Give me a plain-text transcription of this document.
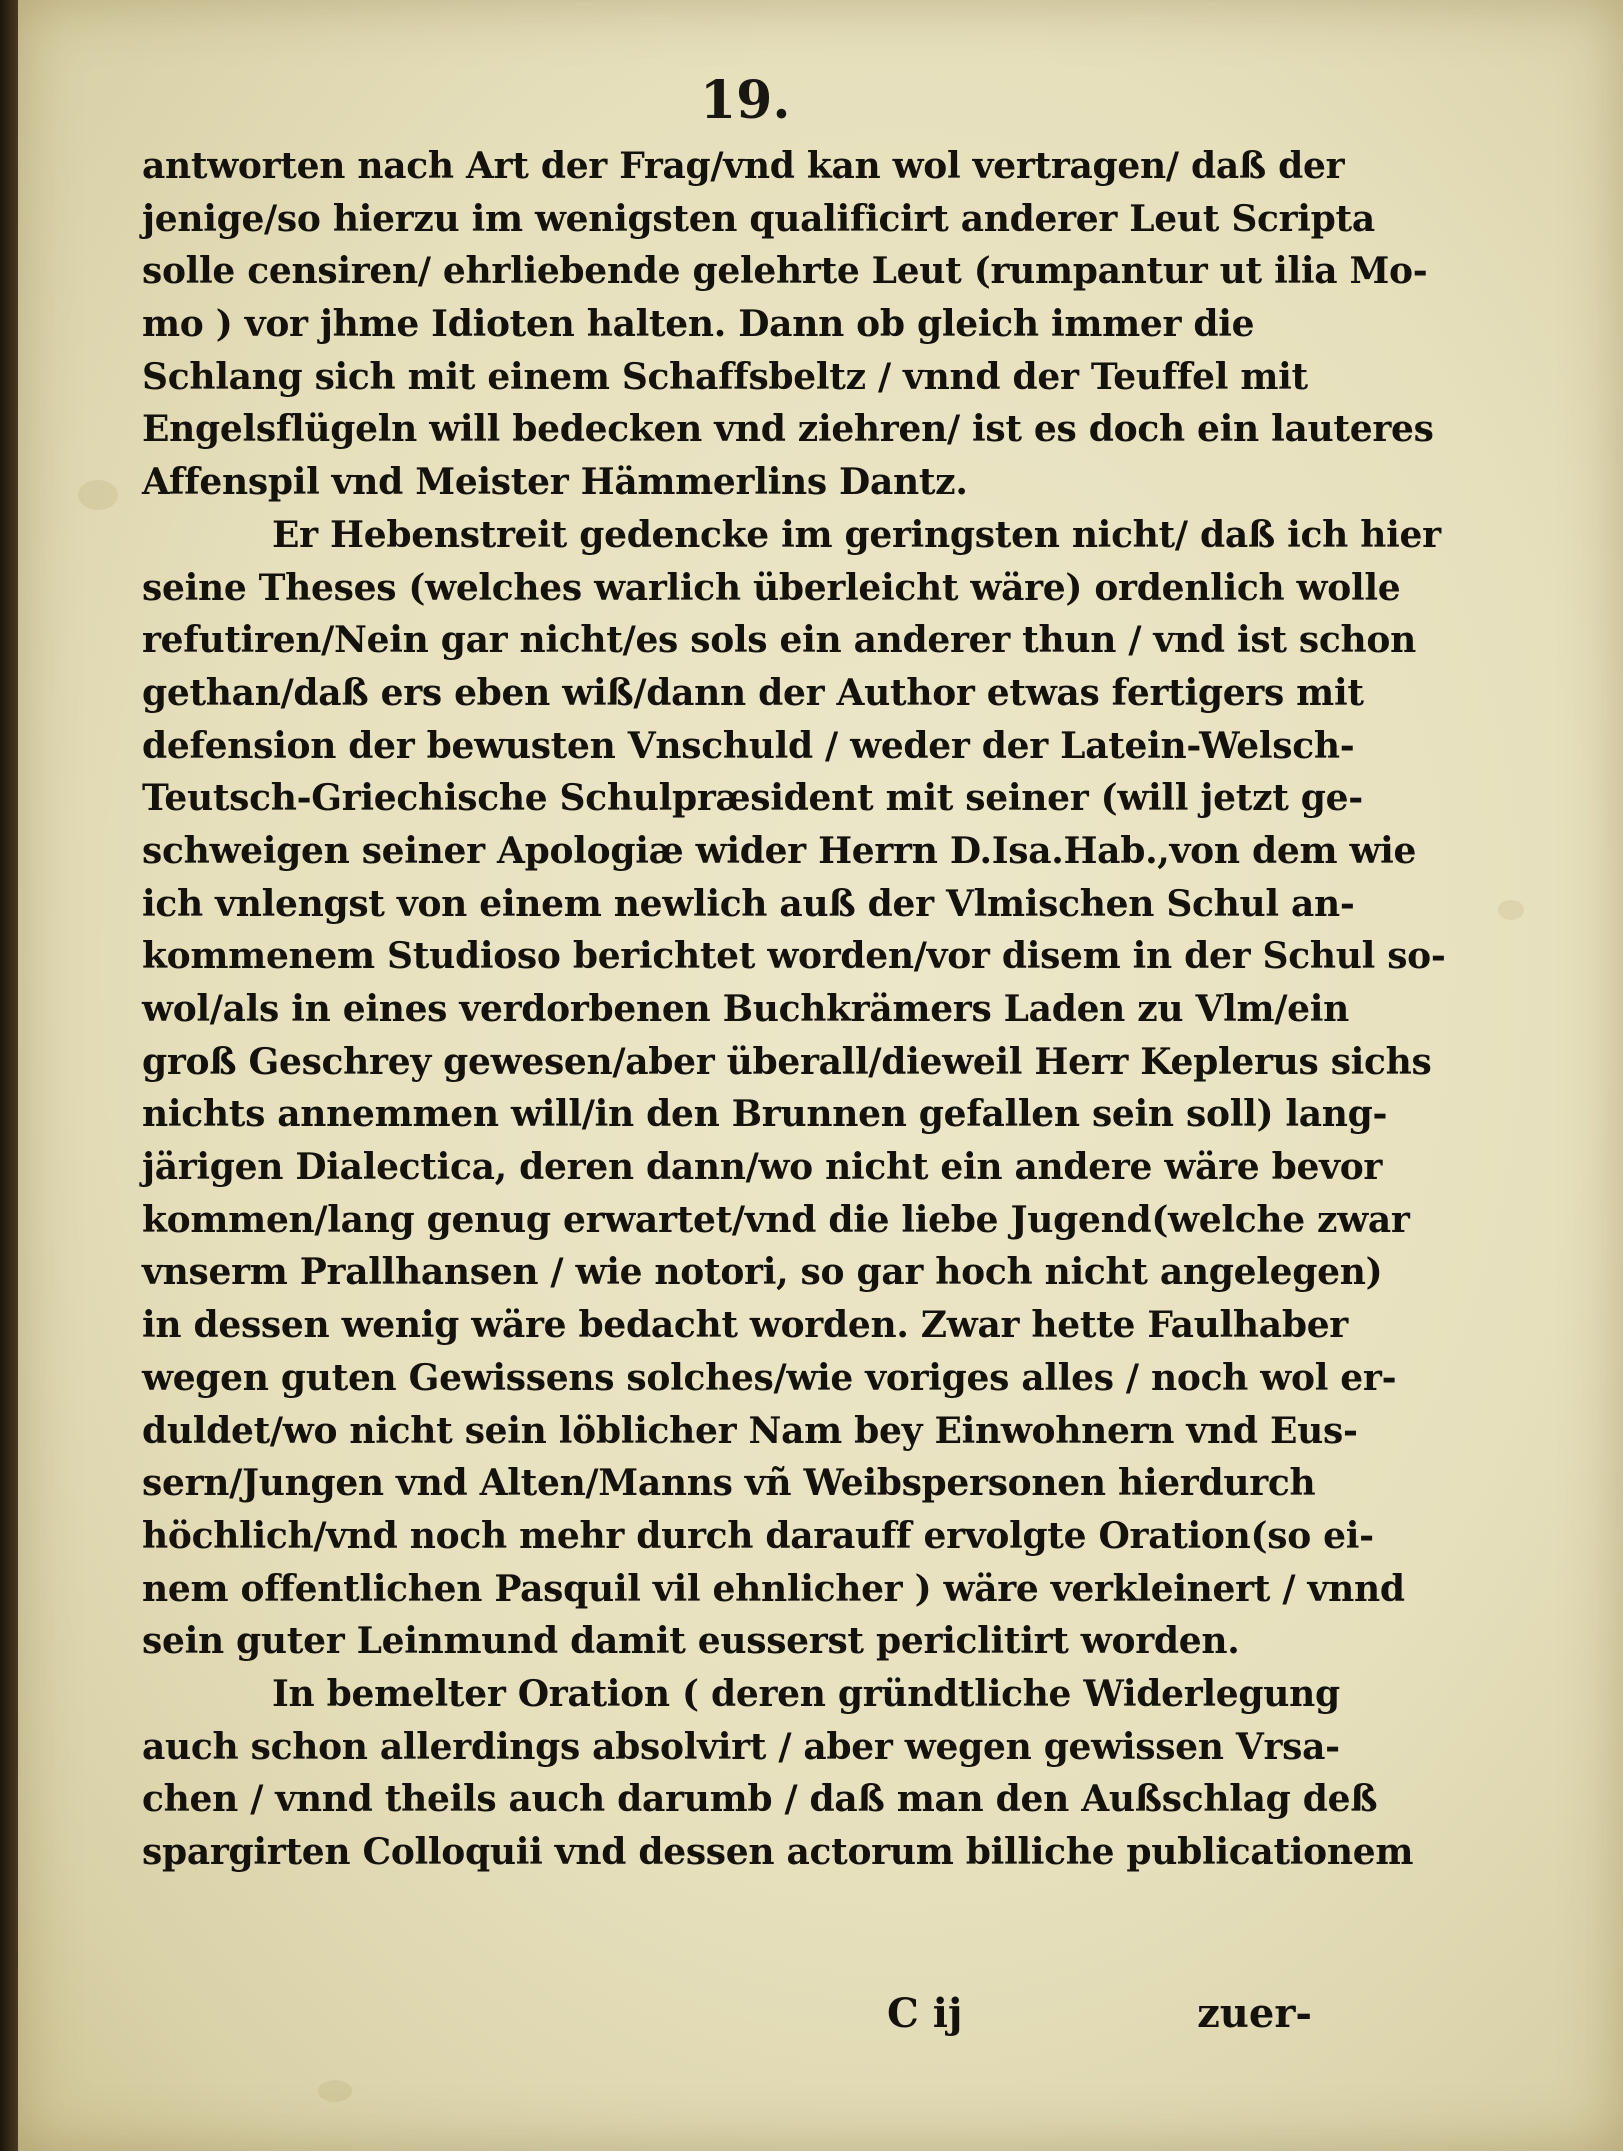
19.
antworten nach Art der Frag/vnd kan wol vertragen/ daß der
jenige/so hierzu im wenigsten qualificirt anderer Leut Scripta
solle censiren/ ehrliebende gelehrte Leut (rumpantur ut ilia Mo-
mo ) vor jhme Idioten halten. Dann ob gleich immer die
Schlang sich mit einem Schaffsbeltz / vnnd der Teuffel mit
Engelsflügeln will bedecken vnd ziehren/ ist es doch ein lauteres
Affenspil vnd Meister Hämmerlins Dantz.
Er Hebenstreit gedencke im geringsten nicht/ daß ich hier
seine Theses (welches warlich überleicht wäre) ordenlich wolle
refutiren/Nein gar nicht/es sols ein anderer thun / vnd ist schon
gethan/daß ers eben wiß/dann der Author etwas fertigers mit
defension der bewusten Vnschuld / weder der Latein-Welsch-
Teutsch-Griechische Schulpræsident mit seiner (will jetzt ge-
schweigen seiner Apologiæ wider Herrn D.Isa.Hab.,von dem wie
ich vnlengst von einem newlich auß der Vlmischen Schul an-
kommenem Studioso berichtet worden/vor disem in der Schul so-
wol/als in eines verdorbenen Buchkrämers Laden zu Vlm/ein
groß Geschrey gewesen/aber überall/dieweil Herr Keplerus sichs
nichts annemmen will/in den Brunnen gefallen sein soll) lang-
järigen Dialectica, deren dann/wo nicht ein andere wäre bevor
kommen/lang genug erwartet/vnd die liebe Jugend(welche zwar
vnserm Prallhansen / wie notori, so gar hoch nicht angelegen)
in dessen wenig wäre bedacht worden. Zwar hette Faulhaber
wegen guten Gewissens solches/wie voriges alles / noch wol er-
duldet/wo nicht sein löblicher Nam bey Einwohnern vnd Eus-
sern/Jungen vnd Alten/Manns vñ Weibspersonen hierdurch
höchlich/vnd noch mehr durch darauff ervolgte Oration(so ei-
nem offentlichen Pasquil vil ehnlicher ) wäre verkleinert / vnnd
sein guter Leinmund damit eusserst periclitirt worden.
In bemelter Oration ( deren gründtliche Widerlegung
auch schon allerdings absolvirt / aber wegen gewissen Vrsa-
chen / vnnd theils auch darumb / daß man den Außschlag deß
spargirten Colloquii vnd dessen actorum billiche publicationem
C ij	zuer-
